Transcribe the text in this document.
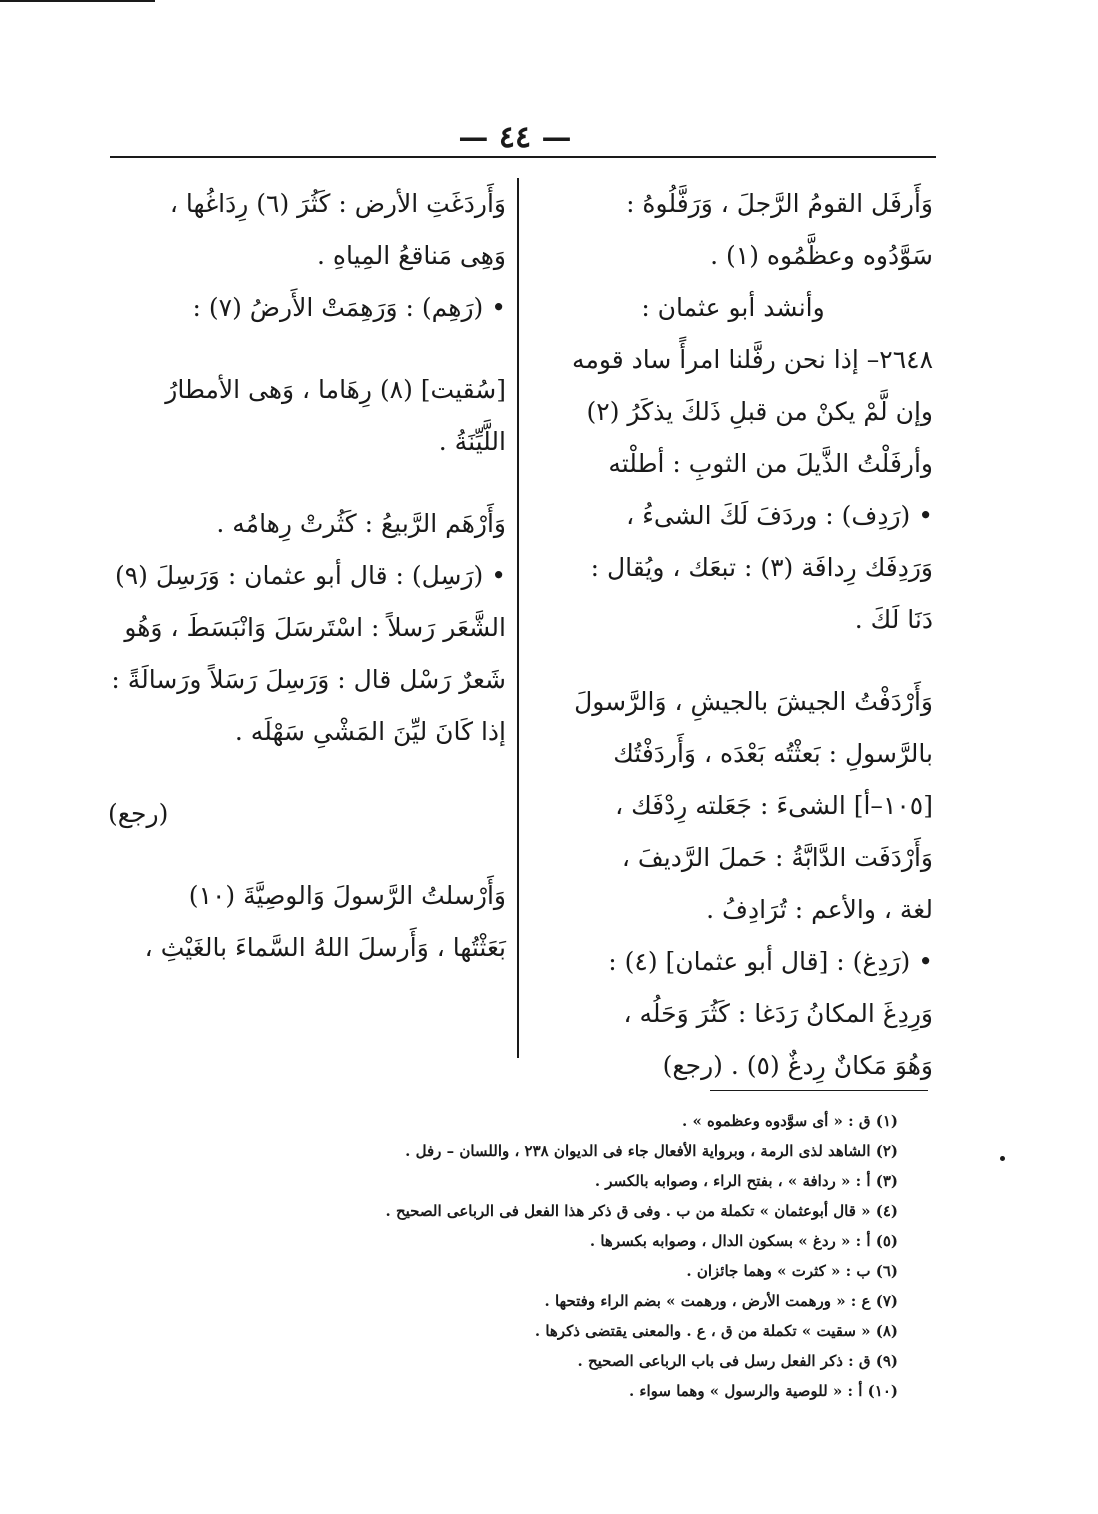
— ٤٤ —

وَأَرفَل القومُ الرَّجلَ ، وَرَفَّلُوهُ :

سَوَّدُوه وعظَّمُوه (١) .

وأنشد أبو عثمان :

٢٦٤٨– إذا نحن رفَّلنا امرأً ساد قومه

وإن لَّمْ يكنْ من قبلِ ذَلكَ يذكَرُ (٢)

وأرفَلْتُ الذَّيلَ من الثوبِ : أطلْته

• (رَدِف) : وردَفَ لَكَ الشىءُ ،

وَرَدِفَك رِدافَة (٣) : تبعَك ، ويُقال :

دَنَا لَكَ .

وَأَرْدَفْتُ الجيشَ بالجيشِ ، وَالرَّسولَ

بالرَّسولِ : بَعثْتُه بَعْدَه ، وَأَردَفْتُك

[١٠٥–أ] الشىءَ : جَعَلته رِدْفَك ،

وَأَرْدَفَت الدَّابَّةُ : حَملَ الرَّديفَ ،

لغة ، والأعم : تُرَادِفُ .

• (رَدِغ) : [قال أبو عثمان] (٤) :

وَرِدِغَ المكانُ رَدَغا : كَثُرَ وَحَلُه ،

وَهُوَ مَكانٌ رِدغٌ (٥) . (رجع)

وَأَردَغَتِ الأرض : كَثُرَ (٦) رِدَاغُها ،

وَهِى مَناقعُ المِياهِ .

• (رَهِم) : وَرَهِمَتْ الأَرضُ (٧) :

[سُقيت] (٨) رِهَاما ، وَهى الأمطارُ

اللَّيِّنَةُ .

وَأَرْهَم الرَّبيعُ : كَثُرتْ رِهامُه .

• (رَسِل) : قال أبو عثمان : وَرَسِلَ (٩)

الشَّعَر رَسلاً : اسْتَرسَلَ وَانْبَسَطَ ، وَهُو

شَعرٌ رَسْل قال : وَرَسِلَ رَسَلاً ورَسالَةً :

إذا كَانَ ليِّنَ المَشْىِ سَهْلَه .

(رجع)

وَأَرْسلتُ الرَّسولَ وَالوصِيَّةَ (١٠)

بَعَثْتُها ، وَأَرسلَ اللهُ السَّماءَ بالغَيْثِ ،

(١) ق : « أى سوَّدوه وعظموه » .

(٢) الشاهد لذى الرمة ، وبرواية الأفعال جاء فى الديوان ٢٣٨ ، واللسان – رفل .

(٣) أ : « ردافة » ، بفتح الراء ، وصوابه بالكسر .

(٤) « قال أبوعثمان » تكملة من ب . وفى ق ذكر هذا الفعل فى الرباعى الصحيح .

(٥) أ : « ردغ » بسكون الدال ، وصوابه بكسرها .

(٦) ب : « كثرت » وهما جائزان .

(٧) ع : « ورهمت الأرض ، ورهمت » بضم الراء وفتحها .

(٨) « سقيت » تكملة من ق ، ع . والمعنى يقتضى ذكرها .

(٩) ق : ذكر الفعل رسل فى باب الرباعى الصحيح .

(١٠) أ : « للوصية والرسول » وهما سواء .
